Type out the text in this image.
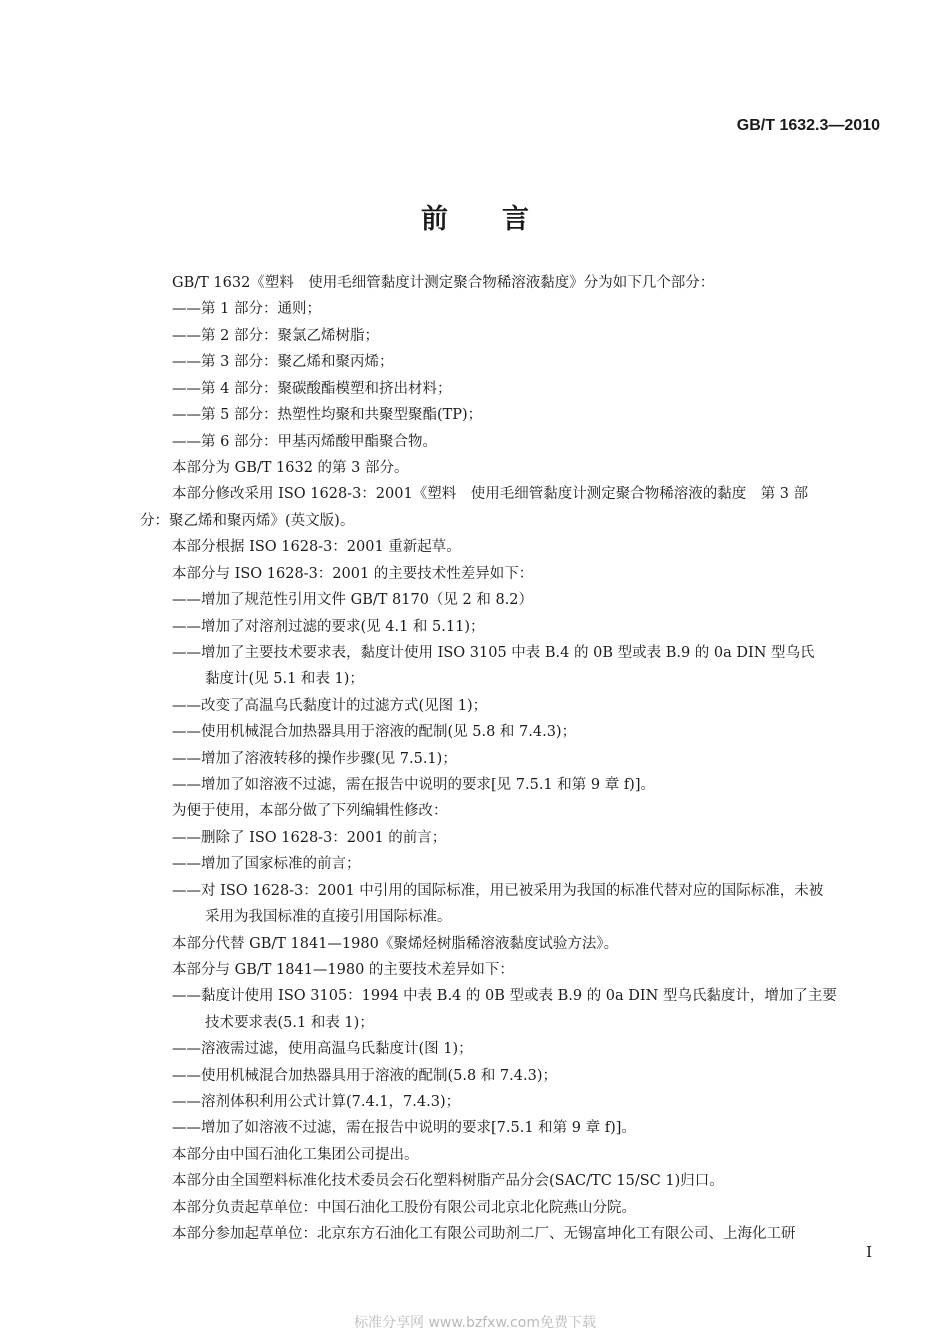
GB/T 1632.3—2010
前言
GB/T 1632《塑料　使用毛细管黏度计测定聚合物稀溶液黏度》分为如下几个部分：
——第 1 部分：通则；
——第 2 部分：聚氯乙烯树脂；
——第 3 部分：聚乙烯和聚丙烯；
——第 4 部分：聚碳酸酯模塑和挤出材料；
——第 5 部分：热塑性均聚和共聚型聚酯(TP)；
——第 6 部分：甲基丙烯酸甲酯聚合物。
本部分为 GB/T 1632 的第 3 部分。
本部分修改采用 ISO 1628-3：2001《塑料　使用毛细管黏度计测定聚合物稀溶液的黏度　第 3 部
分：聚乙烯和聚丙烯》(英文版)。
本部分根据 ISO 1628-3：2001 重新起草。
本部分与 ISO 1628-3：2001 的主要技术性差异如下：
——增加了规范性引用文件 GB/T 8170（见 2 和 8.2）
——增加了对溶剂过滤的要求(见 4.1 和 5.11)；
——增加了主要技术要求表，黏度计使用 ISO 3105 中表 B.4 的 0B 型或表 B.9 的 0a DIN 型乌氏
黏度计(见 5.1 和表 1)；
——改变了高温乌氏黏度计的过滤方式(见图 1)；
——使用机械混合加热器具用于溶液的配制(见 5.8 和 7.4.3)；
——增加了溶液转移的操作步骤(见 7.5.1)；
——增加了如溶液不过滤，需在报告中说明的要求[见 7.5.1 和第 9 章 f)]。
为便于使用，本部分做了下列编辑性修改：
——删除了 ISO 1628-3：2001 的前言；
——增加了国家标准的前言；
——对 ISO 1628-3：2001 中引用的国际标准，用已被采用为我国的标准代替对应的国际标准，未被
采用为我国标准的直接引用国际标准。
本部分代替 GB/T 1841—1980《聚烯烃树脂稀溶液黏度试验方法》。
本部分与 GB/T 1841—1980 的主要技术差异如下：
——黏度计使用 ISO 3105：1994 中表 B.4 的 0B 型或表 B.9 的 0a DIN 型乌氏黏度计，增加了主要
技术要求表(5.1 和表 1)；
——溶液需过滤，使用高温乌氏黏度计(图 1)；
——使用机械混合加热器具用于溶液的配制(5.8 和 7.4.3)；
——溶剂体积利用公式计算(7.4.1，7.4.3)；
——增加了如溶液不过滤，需在报告中说明的要求[7.5.1 和第 9 章 f)]。
本部分由中国石油化工集团公司提出。
本部分由全国塑料标准化技术委员会石化塑料树脂产品分会(SAC/TC 15/SC 1)归口。
本部分负责起草单位：中国石油化工股份有限公司北京北化院燕山分院。
本部分参加起草单位：北京东方石油化工有限公司助剂二厂、无锡富坤化工有限公司、上海化工研
I
标准分享网 www.bzfxw.com免费下载
